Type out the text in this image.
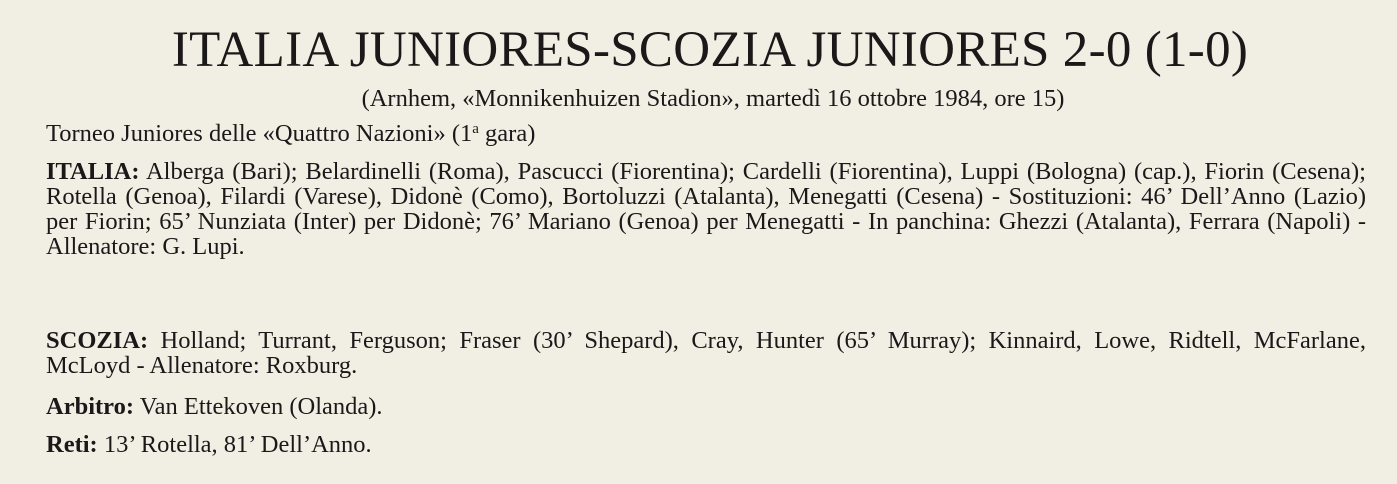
ITALIA JUNIORES-SCOZIA JUNIORES 2-0 (1-0)
(Arnhem, «Monnikenhuizen Stadion», martedì 16 ottobre 1984, ore 15)
Torneo Juniores delle «Quattro Nazioni» (1$^a$ gara)
ITALIA: Alberga (Bari); Belardinelli (Roma), Pascucci (Fiorentina); Cardelli (Fiorentina), Luppi (Bologna) (cap.), Fiorin (Cesena); Rotella (Genoa), Filardi (Varese), Didonè (Como), Bortoluzzi (Atalanta), Menegatti (Cesena) - Sostituzioni: 46’ Dell’Anno (Lazio) per Fiorin; 65’ Nunziata (Inter) per Didonè; 76’ Mariano (Genoa) per Menegatti - In panchina: Ghezzi (Atalanta), Ferrara (Napoli) - Allenatore: G. Lupi.
SCOZIA: Holland; Turrant, Ferguson; Fraser (30’ Shepard), Cray, Hunter (65’ Murray); Kinnaird, Lowe, Ridtell, McFarlane, McLoyd - Allenatore: Roxburg.
Arbitro: Van Ettekoven (Olanda).
Reti: 13’ Rotella, 81’ Dell’Anno.
